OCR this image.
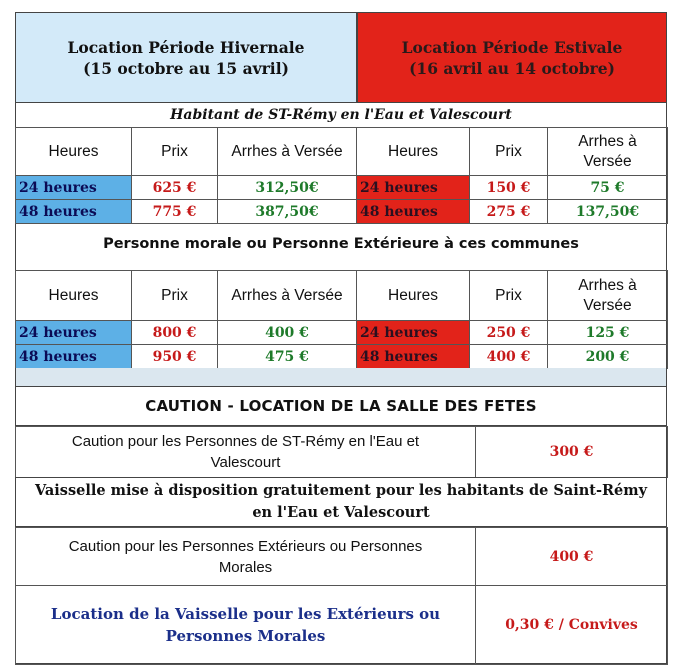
Location Période Hivernale
(15 octobre au 15 avril)
Location Période Estivale
(16 avril au 14 octobre)
Habitant de ST-Rémy en l'Eau et Valescourt
Heures	Prix	Arrhes à Versée	Heures	Prix	Arrhes à
Versée
24 heures	625 €	312,50€	24 heures	150 €	75 €
48 heures	775 €	387,50€	48 heures	275 €	137,50€
Personne morale ou Personne Extérieure à ces communes
Heures	Prix	Arrhes à Versée	Heures	Prix	Arrhes à
Versée
24 heures	800 €	400 €	24 heures	250 €	125 €
48 heures	950 €	475 €	48 heures	400 €	200 €
CAUTION - LOCATION DE LA SALLE DES FETES
Caution pour les Personnes de ST-Rémy en l'Eau et Valescourt	300 €
Vaisselle mise à disposition gratuitement pour les habitants de Saint-Rémy en l'Eau et Valescourt
Caution pour les Personnes Extérieurs ou Personnes Morales	400 €
Location de la Vaisselle pour les Extérieurs ou Personnes Morales	0,30 € / Convives
